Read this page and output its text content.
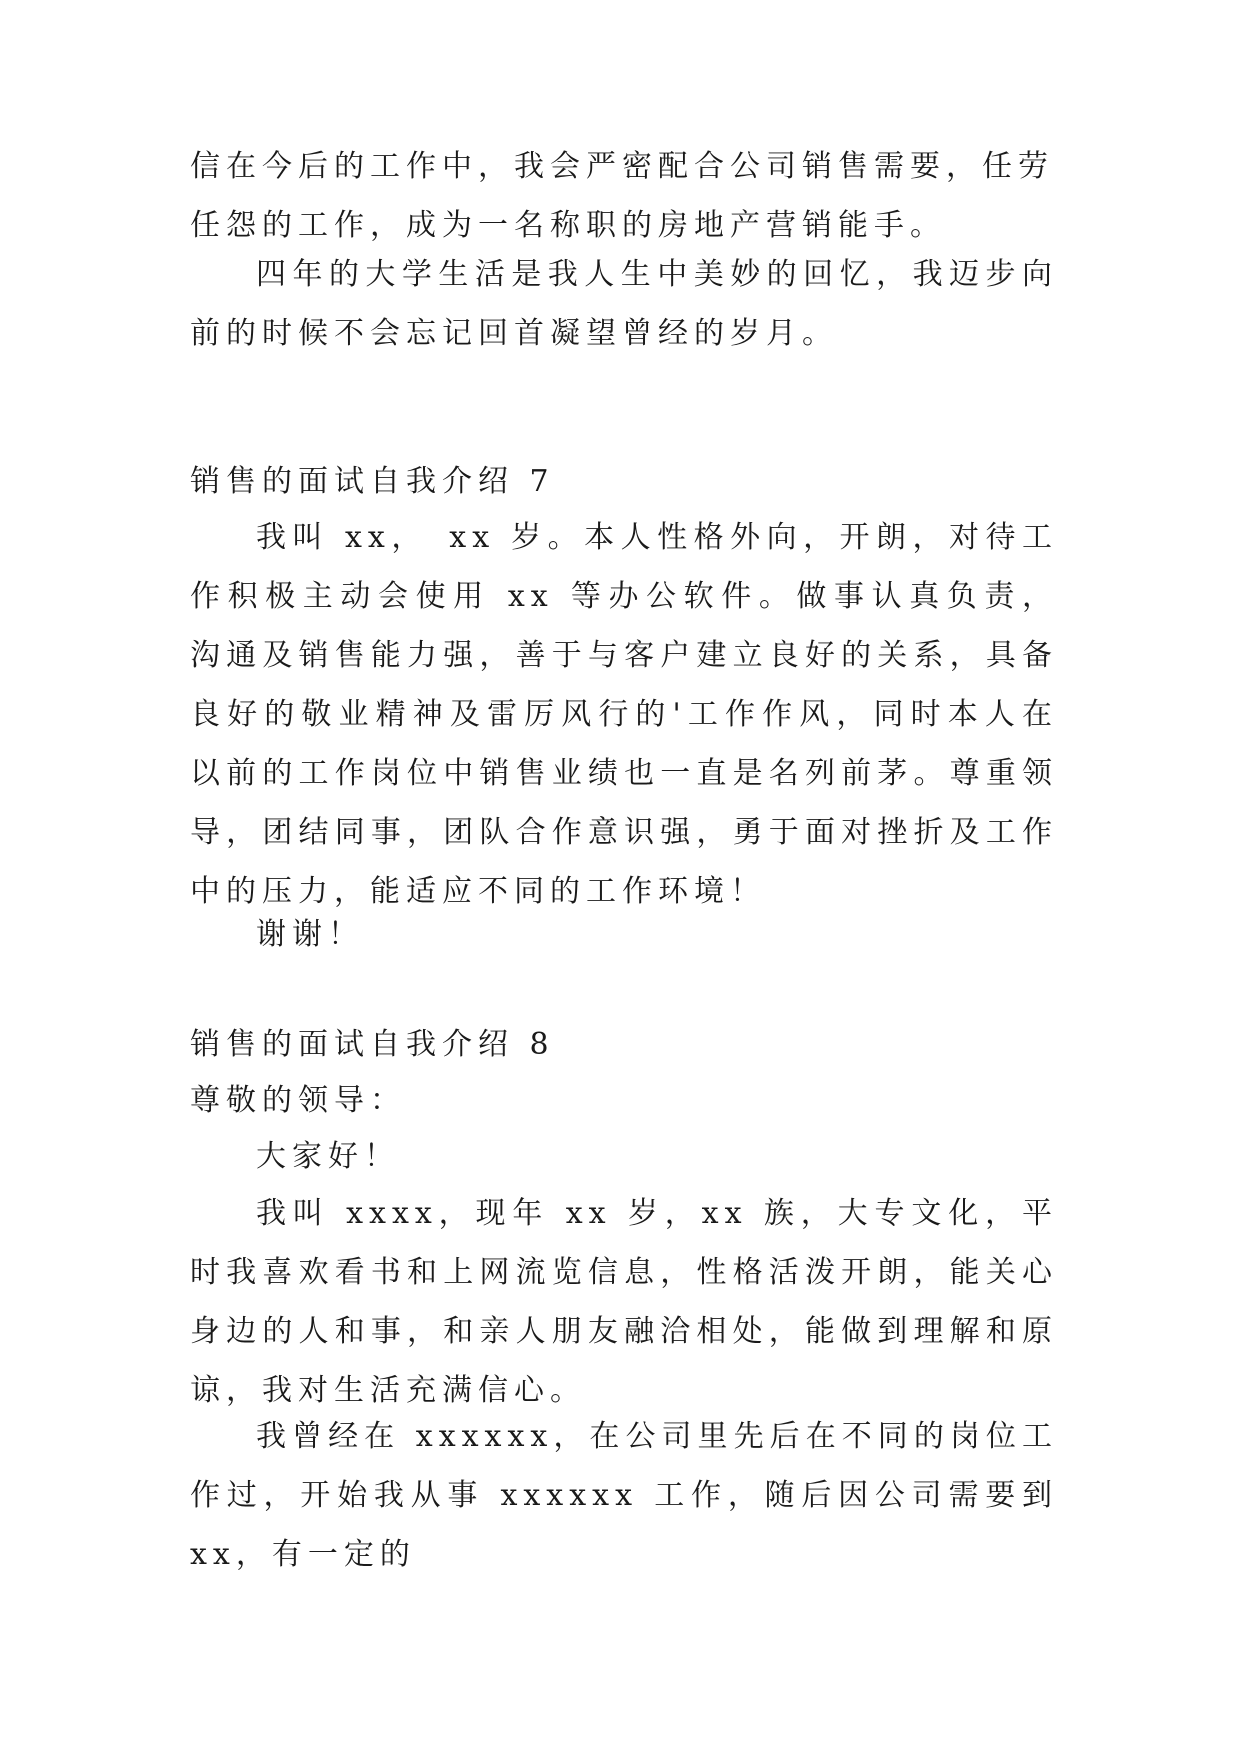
信在今后的工作中，我会严密配合公司销售需要，任劳任怨的工作，成为一名称职的房地产营销能手。

四年的大学生活是我人生中美妙的回忆，我迈步向前的时候不会忘记回首凝望曾经的岁月。

销售的面试自我介绍 7

我叫 xx，　xx 岁。本人性格外向，开朗，对待工作积极主动会使用 xx 等办公软件。做事认真负责，沟通及销售能力强，善于与客户建立良好的关系，具备良好的敬业精神及雷厉风行的'工作作风，同时本人在以前的工作岗位中销售业绩也一直是名列前茅。尊重领导，团结同事，团队合作意识强，勇于面对挫折及工作中的压力，能适应不同的工作环境！

谢谢！

销售的面试自我介绍 8

尊敬的领导：

大家好！

我叫 xxxx，现年 xx 岁，xx 族，大专文化，平时我喜欢看书和上网流览信息，性格活泼开朗，能关心身边的人和事，和亲人朋友融洽相处，能做到理解和原谅，我对生活充满信心。

我曾经在 xxxxxx，在公司里先后在不同的岗位工作过，开始我从事 xxxxxx 工作，随后因公司需要到 xx，有一定的
